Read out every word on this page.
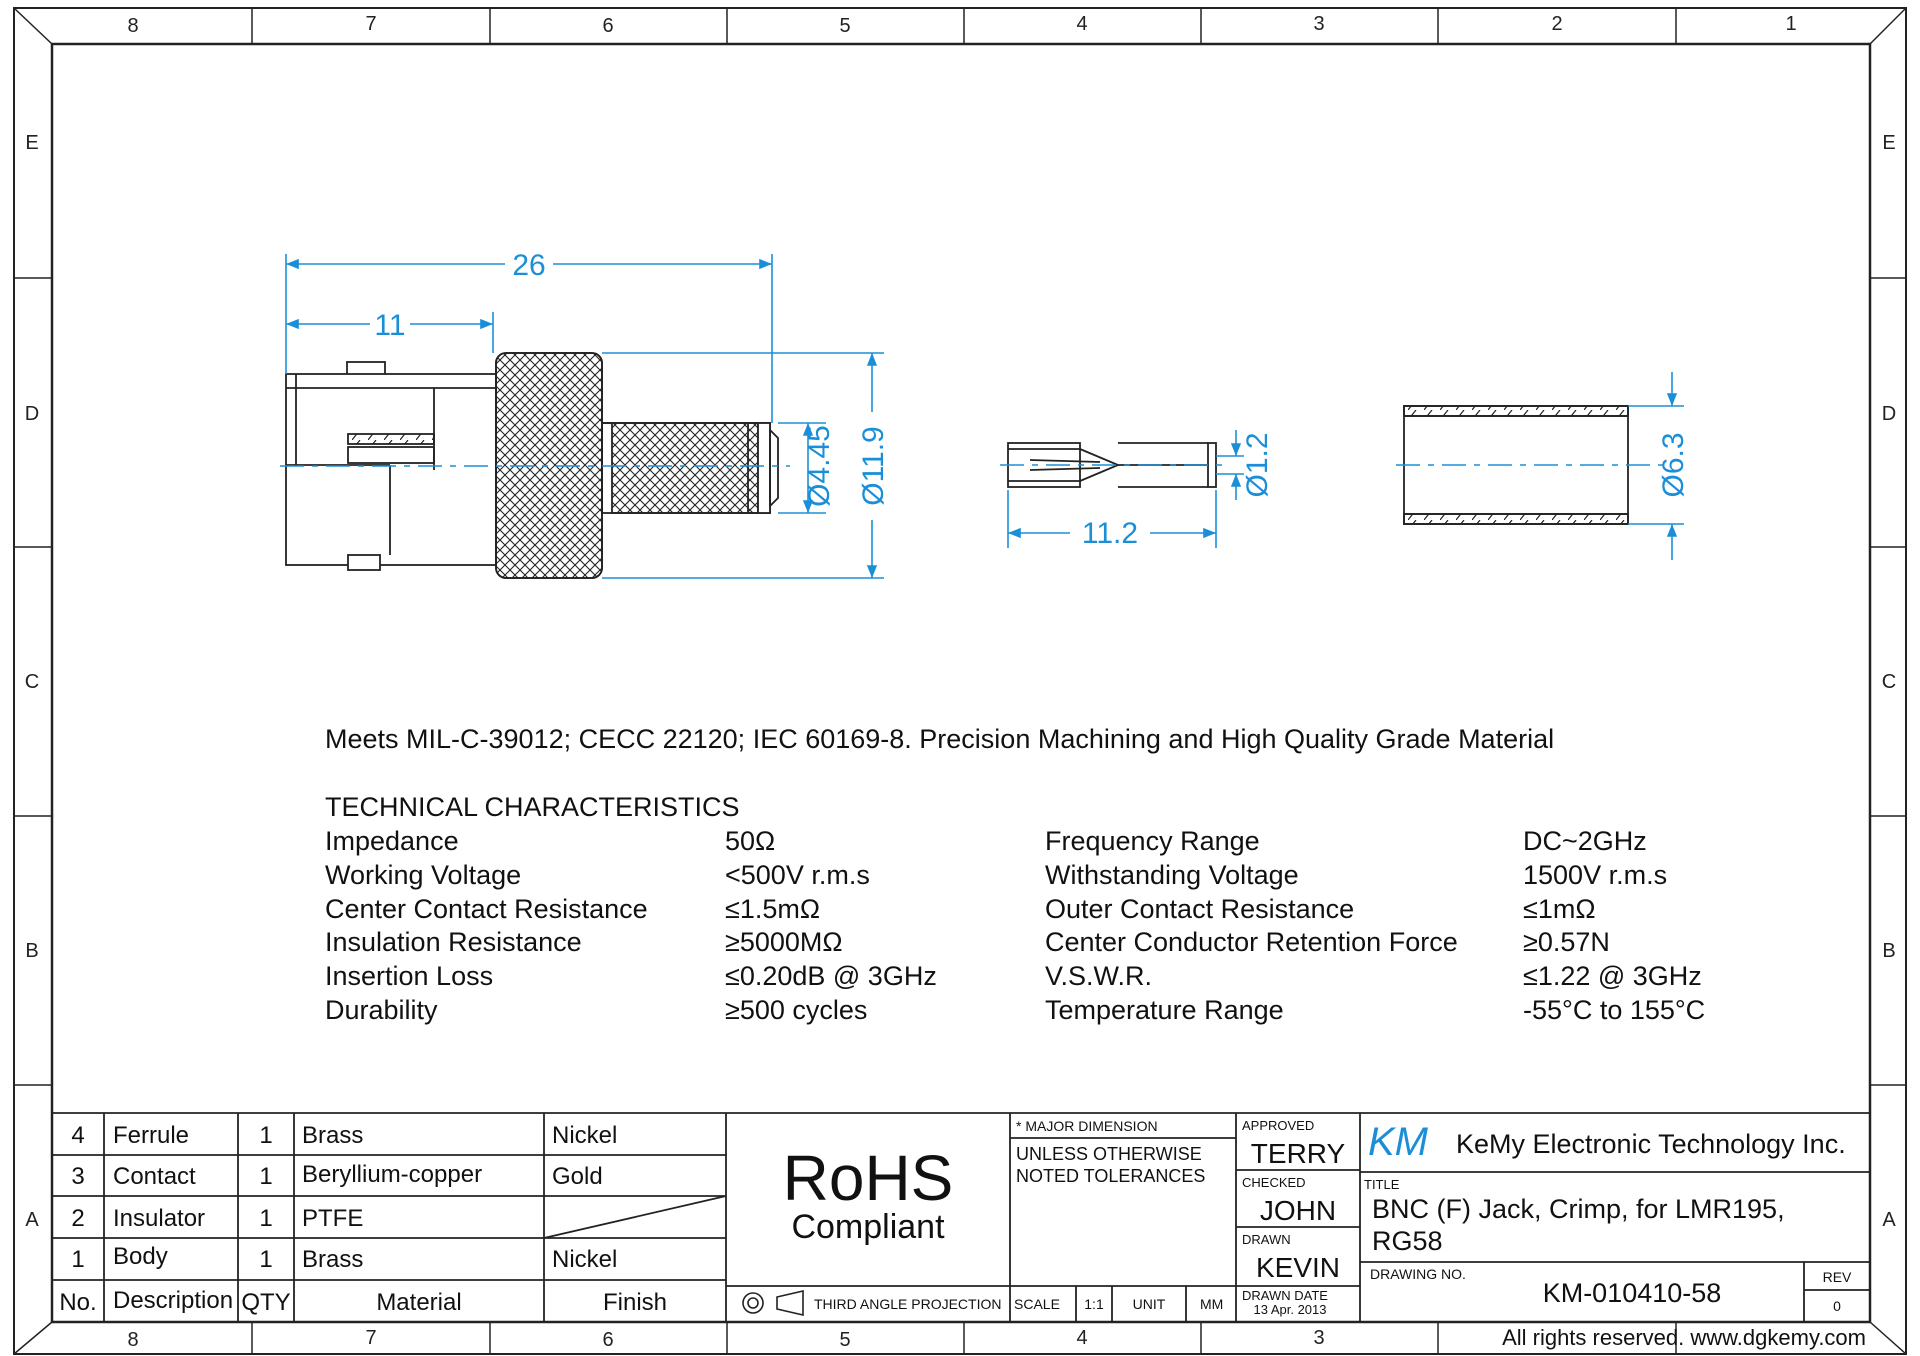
8	7	6	5	4	3	2	1
8	7	6	5	4	3
E
D
C
B
A
E
D
C
B
A
26
11
Ø4.45 Ø11.9
11.2
Ø1.2	Ø6.3
4 Ferrule	1 Brass	Nickel
3 Contact	1 Beryllium-copper	Gold
2 Insulator 1 PTFE
1 Body	1 Brass	Nickel
No. Description QTY	Material	Finish
RoHS
Compliant
THIRD ANGLE PROJECTION
* MAJOR DIMENSION
UNLESS OTHERWISE
NOTED TOLERANCES
SCALE 1:1 UNIT MM
APPROVED
TERRY
CHECKED
JOHN
DRAWN
KEVIN
DRAWN DATE
13 Apr. 2013
KM KeMy Electronic Technology Inc.
TITLE
BNC (F) Jack, Crimp, for LMR195,
RG58
DRAWING NO.
KM-010410-58
REV
0
All rights reserved. www.dgkemy.com
Meets MIL-C-39012; CECC 22120; IEC 60169-8. Precision Machining and High Quality Grade Material
TECHNICAL CHARACTERISTICS
Impedance	50Ω	Frequency Range	DC~2GHz
Working Voltage	<500V r.m.s	Withstanding Voltage	1500V r.m.s
Center Contact Resistance	≤1.5mΩ	Outer Contact Resistance	≤1mΩ
Insulation Resistance	≥5000MΩ	Center Conductor Retention Force ≥0.57N
Insertion Loss	≤0.20dB @ 3GHz	V.S.W.R.	≤1.22 @ 3GHz
Durability	≥500 cycles	Temperature Range	-55°C to 155°C
